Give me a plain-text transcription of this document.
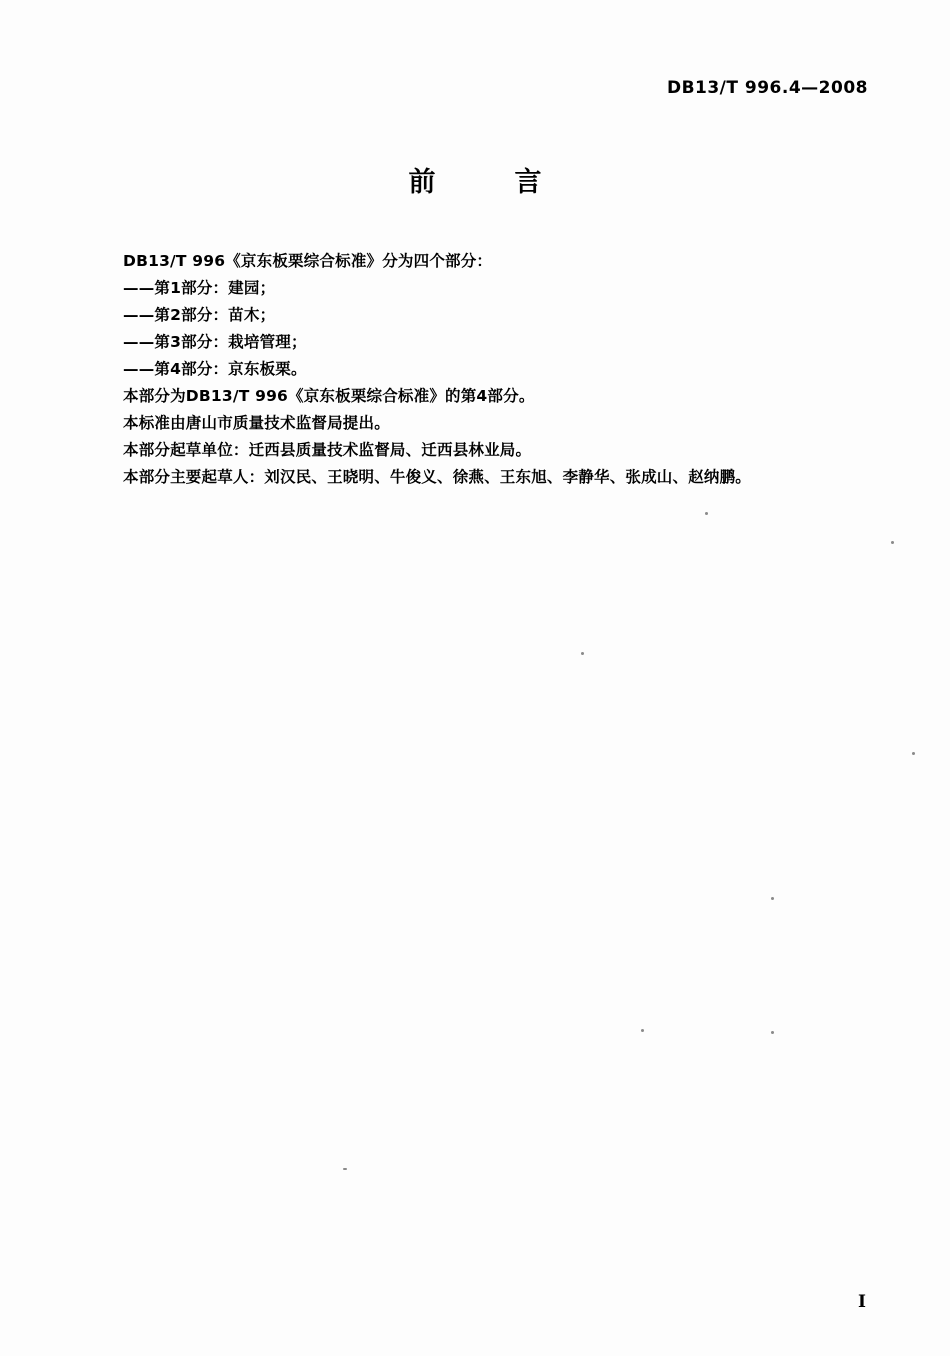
DB13/T 996.4—2008
前　言
DB13/T 996《京东板栗综合标准》分为四个部分：
——第1部分：建园；
——第2部分：苗木；
——第3部分：栽培管理；
——第4部分：京东板栗。
本部分为DB13/T 996《京东板栗综合标准》的第4部分。
本标准由唐山市质量技术监督局提出。
本部分起草单位：迁西县质量技术监督局、迁西县林业局。
本部分主要起草人：刘汉民、王晓明、牛俊义、徐燕、王东旭、李静华、张成山、赵纳鹏。
I
